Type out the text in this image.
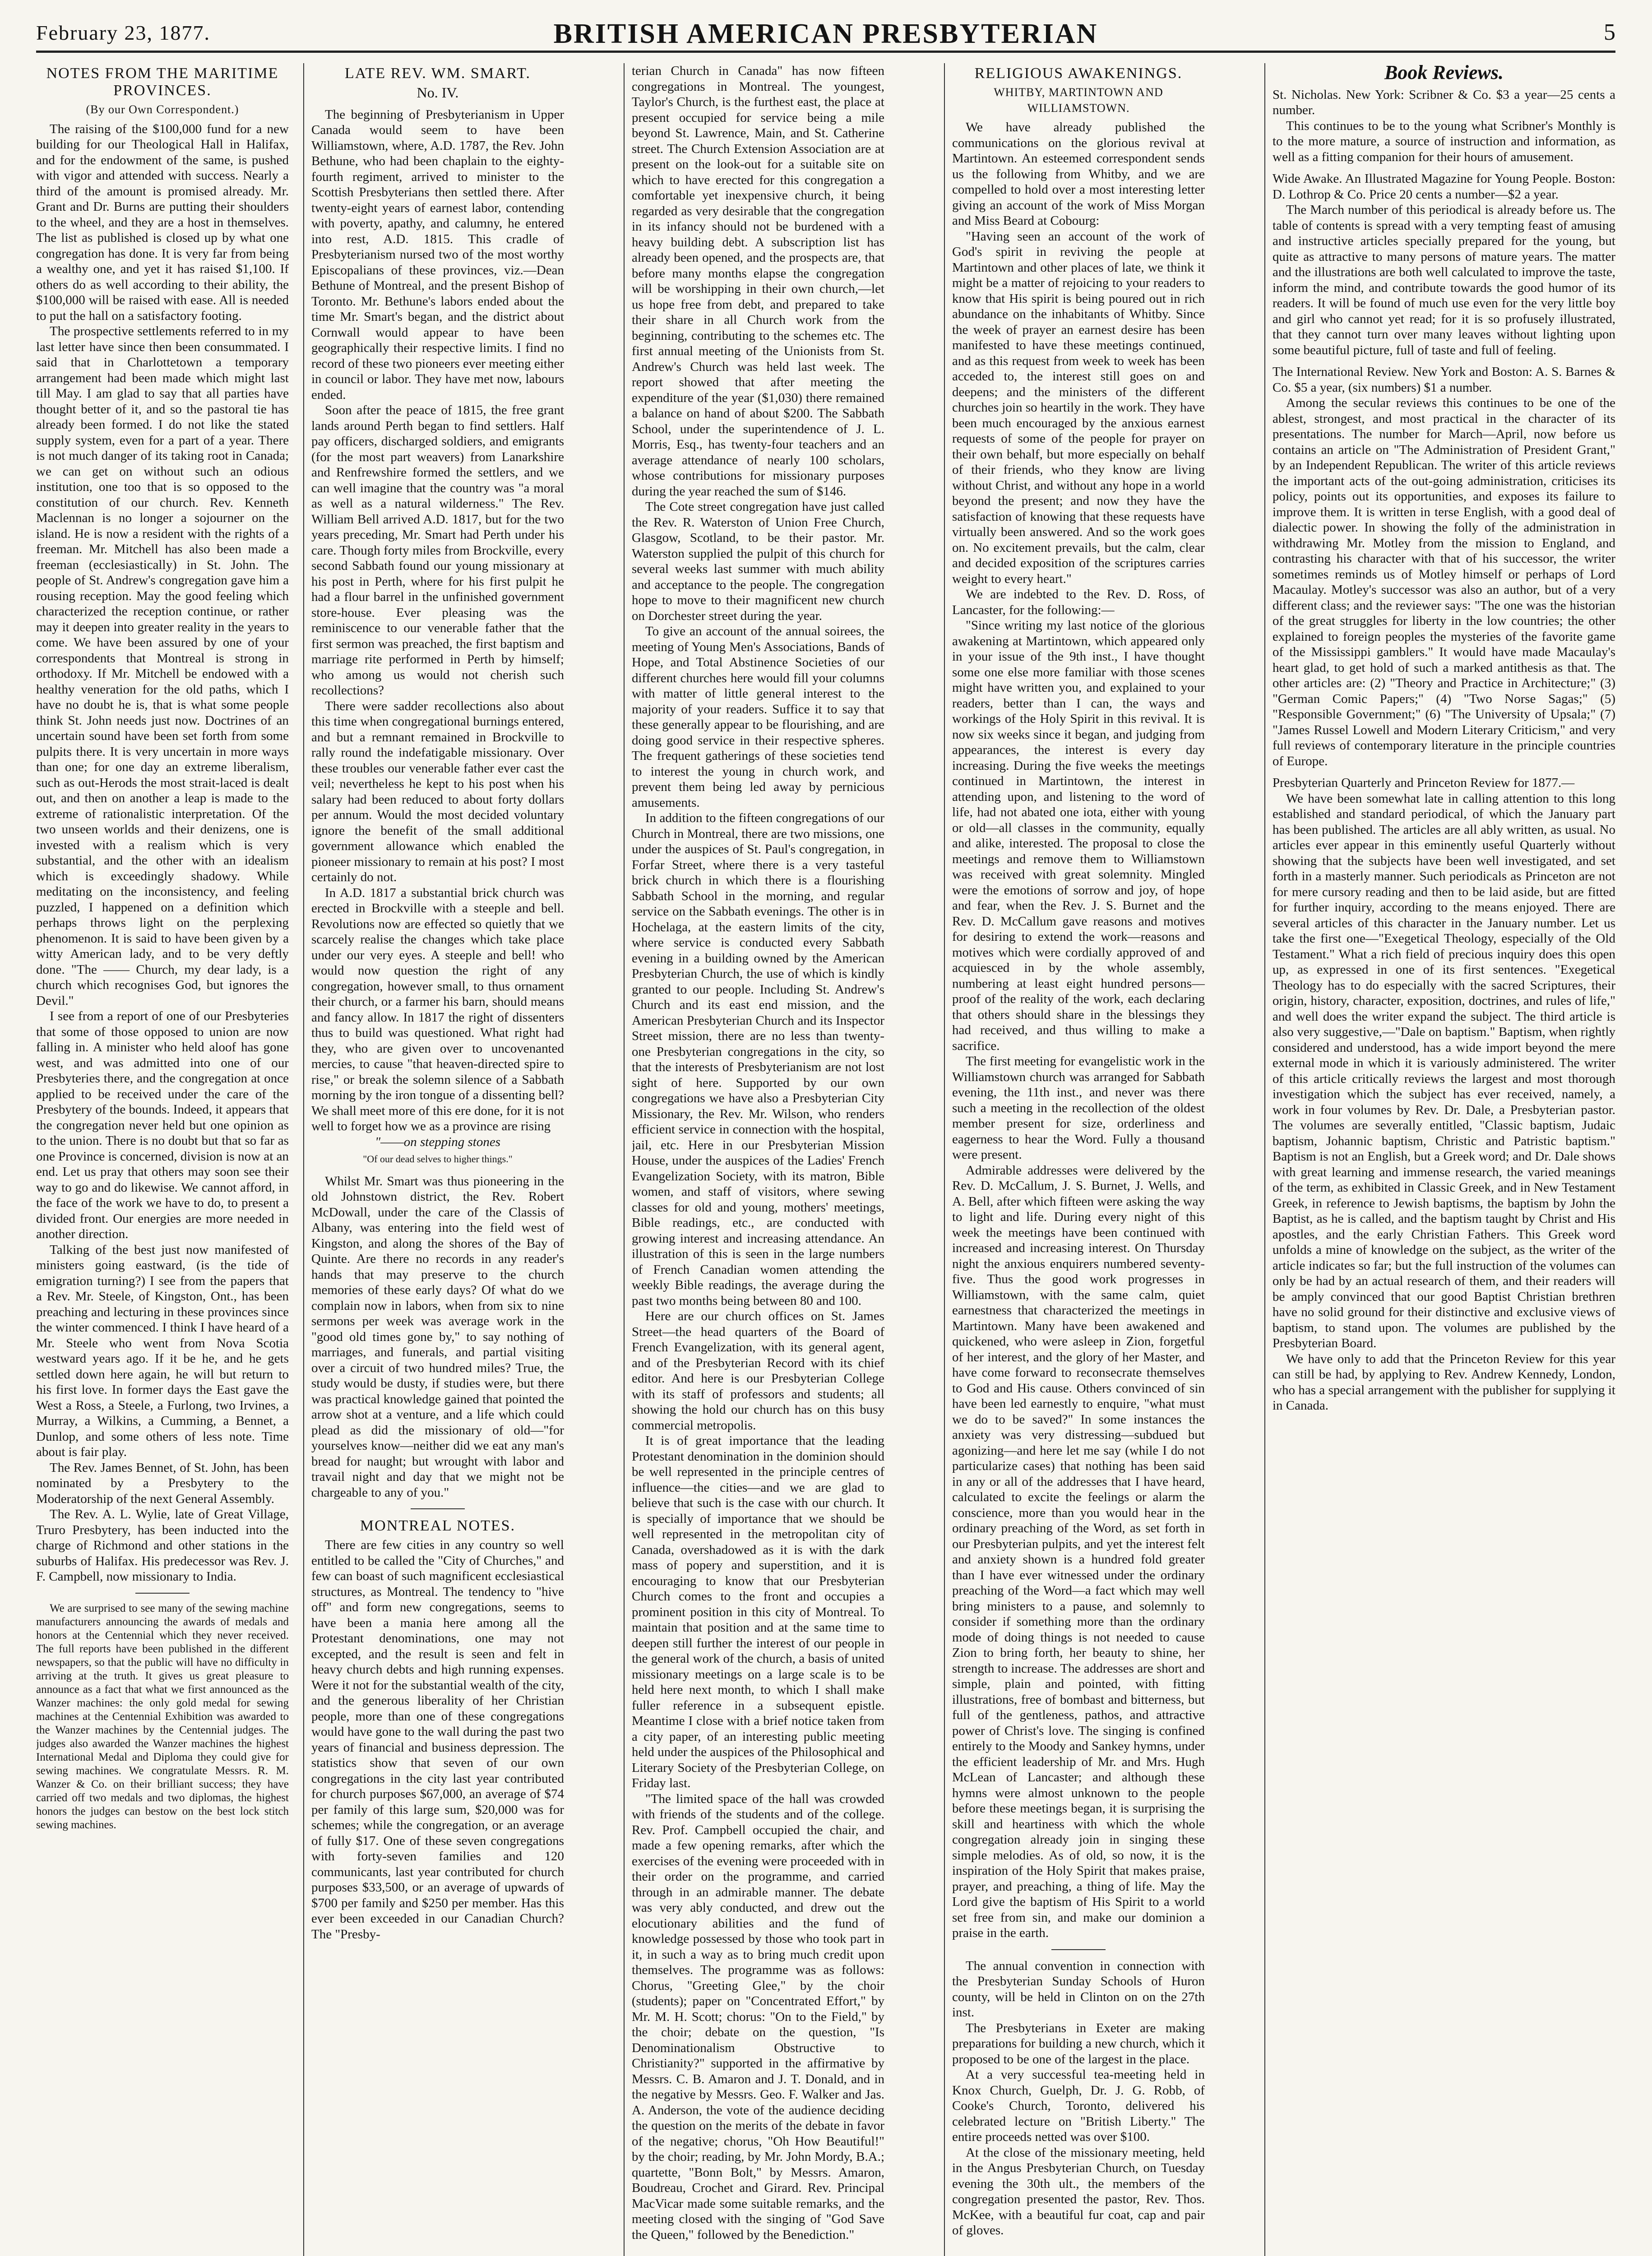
February 23, 1877.	BRITISH AMERICAN PRESBYTERIAN	5
NOTES FROM THE MARITIME PROVINCES.
(By our Own Correspondent.)

The raising of the $100,000 fund for a new building for our Theological Hall in Halifax, and for the endowment of the same, is pushed with vigor and attended with success. Nearly a third of the amount is promised already. Mr. Grant and Dr. Burns are putting their shoulders to the wheel, and they are a host in themselves. The list as published is closed up by what one congregation has done. It is very far from being a wealthy one, and yet it has raised $1,100. If others do as well according to their ability, the $100,000 will be raised with ease. All is needed to put the hall on a satisfactory footing.

The prospective settlements referred to in my last letter have since then been consummated. I said that in Charlottetown a temporary arrangement had been made which might last till May. I am glad to say that all parties have thought better of it, and so the pastoral tie has already been formed. I do not like the stated supply system, even for a part of a year. There is not much danger of its taking root in Canada; we can get on without such an odious institution, one too that is so opposed to the constitution of our church. Rev. Kenneth Maclennan is no longer a sojourner on the island. He is now a resident with the rights of a freeman. Mr. Mitchell has also been made a freeman (ecclesiastically) in St. John. The people of St. Andrew's congregation gave him a rousing reception. May the good feeling which characterized the reception continue, or rather may it deepen into greater reality in the years to come. We have been assured by one of your correspondents that Montreal is strong in orthodoxy. If Mr. Mitchell be endowed with a healthy veneration for the old paths, which I have no doubt he is, that is what some people think St. John needs just now. Doctrines of an uncertain sound have been set forth from some pulpits there. It is very uncertain in more ways than one; for one day an extreme liberalism, such as out-Herods the most strait-laced is dealt out, and then on another a leap is made to the extreme of rationalistic interpretation. Of the two unseen worlds and their denizens, one is invested with a realism which is very substantial, and the other with an idealism which is exceedingly shadowy. While meditating on the inconsistency, and feeling puzzled, I happened on a definition which perhaps throws light on the perplexing phenomenon. It is said to have been given by a witty American lady, and to be very deftly done. "The —— Church, my dear lady, is a church which recognises God, but ignores the Devil."

I see from a report of one of our Presbyteries that some of those opposed to union are now falling in. A minister who held aloof has gone west, and was admitted into one of our Presbyteries there, and the congregation at once applied to be received under the care of the Presbytery of the bounds. Indeed, it appears that the congregation never held but one opinion as to the union. There is no doubt but that so far as one Province is concerned, division is now at an end. Let us pray that others may soon see their way to go and do likewise. We cannot afford, in the face of the work we have to do, to present a divided front. Our energies are more needed in another direction.

Talking of the best just now manifested of ministers going eastward, (is the tide of emigration turning?) I see from the papers that a Rev. Mr. Steele, of Kingston, Ont., has been preaching and lecturing in these provinces since the winter commenced. I think I have heard of a Mr. Steele who went from Nova Scotia westward years ago. If it be he, and he gets settled down here again, he will but return to his first love. In former days the East gave the West a Ross, a Steele, a Furlong, two Irvines, a Murray, a Wilkins, a Cumming, a Bennet, a Dunlop, and some others of less note. Time about is fair play.

The Rev. James Bennet, of St. John, has been nominated by a Presbytery to the Moderatorship of the next General Assembly.

The Rev. A. L. Wylie, late of Great Village, Truro Presbytery, has been inducted into the charge of Richmond and other stations in the suburbs of Halifax. His predecessor was Rev. J. F. Campbell, now missionary to India.

We are surprised to see many of the sewing machine manufacturers announcing the awards of medals and honors at the Centennial which they never received. The full reports have been published in the different newspapers, so that the public will have no difficulty in arriving at the truth. It gives us great pleasure to announce as a fact that what we first announced as the Wanzer machines: the only gold medal for sewing machines at the Centennial Exhibition was awarded to the Wanzer machines by the Centennial judges. The judges also awarded the Wanzer machines the highest International Medal and Diploma they could give for sewing machines. We congratulate Messrs. R. M. Wanzer & Co. on their brilliant success; they have carried off two medals and two diplomas, the highest honors the judges can bestow on the best lock stitch sewing machines.

LATE REV. WM. SMART.
No. IV.

The beginning of Presbyterianism in Upper Canada would seem to have been Williamstown, where, A.D. 1787, the Rev. John Bethune, who had been chaplain to the eighty-fourth regiment, arrived to minister to the Scottish Presbyterians then settled there. After twenty-eight years of earnest labor, contending with poverty, apathy, and calumny, he entered into rest, A.D. 1815. This cradle of Presbyterianism nursed two of the most worthy Episcopalians of these provinces, viz.—Dean Bethune of Montreal, and the present Bishop of Toronto. Mr. Bethune's labors ended about the time Mr. Smart's began, and the district about Cornwall would appear to have been geographically their respective limits. I find no record of these two pioneers ever meeting either in council or labor. They have met now, labours ended.

Soon after the peace of 1815, the free grant lands around Perth began to find settlers. Half pay officers, discharged soldiers, and emigrants (for the most part weavers) from Lanarkshire and Renfrewshire formed the settlers, and we can well imagine that the country was "a moral as well as a natural wilderness." The Rev. William Bell arrived A.D. 1817, but for the two years preceding, Mr. Smart had Perth under his care. Though forty miles from Brockville, every second Sabbath found our young missionary at his post in Perth, where for his first pulpit he had a flour barrel in the unfinished government store-house. Ever pleasing was the reminiscence to our venerable father that the first sermon was preached, the first baptism and marriage rite performed in Perth by himself; who among us would not cherish such recollections?

There were sadder recollections also about this time when congregational burnings entered, and but a remnant remained in Brockville to rally round the indefatigable missionary. Over these troubles our venerable father ever cast the veil; nevertheless he kept to his post when his salary had been reduced to about forty dollars per annum. Would the most decided voluntary ignore the benefit of the small additional government allowance which enabled the pioneer missionary to remain at his post? I most certainly do not.

In A.D. 1817 a substantial brick church was erected in Brockville with a steeple and bell. Revolutions now are effected so quietly that we scarcely realise the changes which take place under our very eyes. A steeple and bell! who would now question the right of any congregation, however small, to thus ornament their church, or a farmer his barn, should means and fancy allow. In 1817 the right of dissenters thus to build was questioned. What right had they, who are given over to uncovenanted mercies, to cause "that heaven-directed spire to rise," or break the solemn silence of a Sabbath morning by the iron tongue of a dissenting bell? We shall meet more of this ere done, for it is not well to forget how we as a province are rising

"——on stepping stones

"Of our dead selves to higher things."

Whilst Mr. Smart was thus pioneering in the old Johnstown district, the Rev. Robert McDowall, under the care of the Classis of Albany, was entering into the field west of Kingston, and along the shores of the Bay of Quinte. Are there no records in any reader's hands that may preserve to the church memories of these early days? Of what do we complain now in labors, when from six to nine sermons per week was average work in the "good old times gone by," to say nothing of marriages, and funerals, and partial visiting over a circuit of two hundred miles? True, the study would be dusty, if studies were, but there was practical knowledge gained that pointed the arrow shot at a venture, and a life which could plead as did the missionary of old—"for yourselves know—neither did we eat any man's bread for naught; but wrought with labor and travail night and day that we might not be chargeable to any of you."

MONTREAL NOTES.

There are few cities in any country so well entitled to be called the "City of Churches," and few can boast of such magnificent ecclesiastical structures, as Montreal. The tendency to "hive off" and form new congregations, seems to have been a mania here among all the Protestant denominations, one may not excepted, and the result is seen and felt in heavy church debts and high running expenses. Were it not for the substantial wealth of the city, and the generous liberality of her Christian people, more than one of these congregations would have gone to the wall during the past two years of financial and business depression. The statistics show that seven of our own congregations in the city last year contributed for church purposes $67,000, an average of $74 per family of this large sum, $20,000 was for schemes; while the congregation, or an average of fully $17. One of these seven congregations with forty-seven families and 120 communicants, last year contributed for church purposes $33,500, or an average of upwards of $700 per family and $250 per member. Has this ever been exceeded in our Canadian Church? The "Presby-

terian Church in Canada" has now fifteen congregations in Montreal. The youngest, Taylor's Church, is the furthest east, the place at present occupied for service being a mile beyond St. Lawrence, Main, and St. Catherine street. The Church Extension Association are at present on the look-out for a suitable site on which to have erected for this congregation a comfortable yet inexpensive church, it being regarded as very desirable that the congregation in its infancy should not be burdened with a heavy building debt. A subscription list has already been opened, and the prospects are, that before many months elapse the congregation will be worshipping in their own church,—let us hope free from debt, and prepared to take their share in all Church work from the beginning, contributing to the schemes etc. The first annual meeting of the Unionists from St. Andrew's Church was held last week. The report showed that after meeting the expenditure of the year ($1,030) there remained a balance on hand of about $200. The Sabbath School, under the superintendence of J. L. Morris, Esq., has twenty-four teachers and an average attendance of nearly 100 scholars, whose contributions for missionary purposes during the year reached the sum of $146.

The Cote street congregation have just called the Rev. R. Waterston of Union Free Church, Glasgow, Scotland, to be their pastor. Mr. Waterston supplied the pulpit of this church for several weeks last summer with much ability and acceptance to the people. The congregation hope to move to their magnificent new church on Dorchester street during the year.

To give an account of the annual soirees, the meeting of Young Men's Associations, Bands of Hope, and Total Abstinence Societies of our different churches here would fill your columns with matter of little general interest to the majority of your readers. Suffice it to say that these generally appear to be flourishing, and are doing good service in their respective spheres. The frequent gatherings of these societies tend to interest the young in church work, and prevent them being led away by pernicious amusements.

In addition to the fifteen congregations of our Church in Montreal, there are two missions, one under the auspices of St. Paul's congregation, in Forfar Street, where there is a very tasteful brick church in which there is a flourishing Sabbath School in the morning, and regular service on the Sabbath evenings. The other is in Hochelaga, at the eastern limits of the city, where service is conducted every Sabbath evening in a building owned by the American Presbyterian Church, the use of which is kindly granted to our people. Including St. Andrew's Church and its east end mission, and the American Presbyterian Church and its Inspector Street mission, there are no less than twenty-one Presbyterian congregations in the city, so that the interests of Presbyterianism are not lost sight of here. Supported by our own congregations we have also a Presbyterian City Missionary, the Rev. Mr. Wilson, who renders efficient service in connection with the hospital, jail, etc. Here in our Presbyterian Mission House, under the auspices of the Ladies' French Evangelization Society, with its matron, Bible women, and staff of visitors, where sewing classes for old and young, mothers' meetings, Bible readings, etc., are conducted with growing interest and increasing attendance. An illustration of this is seen in the large numbers of French Canadian women attending the weekly Bible readings, the average during the past two months being between 80 and 100.

Here are our church offices on St. James Street—the head quarters of the Board of French Evangelization, with its general agent, and of the Presbyterian Record with its chief editor. And here is our Presbyterian College with its staff of professors and students; all showing the hold our church has on this busy commercial metropolis.

It is of great importance that the leading Protestant denomination in the dominion should be well represented in the principle centres of influence—the cities—and we are glad to believe that such is the case with our church. It is specially of importance that we should be well represented in the metropolitan city of Canada, overshadowed as it is with the dark mass of popery and superstition, and it is encouraging to know that our Presbyterian Church comes to the front and occupies a prominent position in this city of Montreal. To maintain that position and at the same time to deepen still further the interest of our people in the general work of the church, a basis of united missionary meetings on a large scale is to be held here next month, to which I shall make fuller reference in a subsequent epistle. Meantime I close with a brief notice taken from a city paper, of an interesting public meeting held under the auspices of the Philosophical and Literary Society of the Presbyterian College, on Friday last.

"The limited space of the hall was crowded with friends of the students and of the college. Rev. Prof. Campbell occupied the chair, and made a few opening remarks, after which the exercises of the evening were proceeded with in their order on the programme, and carried through in an admirable manner. The debate was very ably conducted, and drew out the elocutionary abilities and the fund of knowledge possessed by those who took part in it, in such a way as to bring much credit upon themselves. The programme was as follows: Chorus, "Greeting Glee," by the choir (students); paper on "Concentrated Effort," by Mr. M. H. Scott; chorus: "On to the Field," by the choir; debate on the question, "Is Denominationalism Obstructive to Christianity?" supported in the affirmative by Messrs. C. B. Amaron and J. T. Donald, and in the negative by Messrs. Geo. F. Walker and Jas. A. Anderson, the vote of the audience deciding the question on the merits of the debate in favor of the negative; chorus, "Oh How Beautiful!" by the choir; reading, by Mr. John Mordy, B.A.; quartette, "Bonn Bolt," by Messrs. Amaron, Boudreau, Crochet and Girard. Rev. Principal MacVicar made some suitable remarks, and the meeting closed with the singing of "God Save the Queen," followed by the Benediction."

RELIGIOUS AWAKENINGS.
WHITBY, MARTINTOWN AND WILLIAMSTOWN.

We have already published the communications on the glorious revival at Martintown. An esteemed correspondent sends us the following from Whitby, and we are compelled to hold over a most interesting letter giving an account of the work of Miss Morgan and Miss Beard at Cobourg:

"Having seen an account of the work of God's spirit in reviving the people at Martintown and other places of late, we think it might be a matter of rejoicing to your readers to know that His spirit is being poured out in rich abundance on the inhabitants of Whitby. Since the week of prayer an earnest desire has been manifested to have these meetings continued, and as this request from week to week has been acceded to, the interest still goes on and deepens; and the ministers of the different churches join so heartily in the work. They have been much encouraged by the anxious earnest requests of some of the people for prayer on their own behalf, but more especially on behalf of their friends, who they know are living without Christ, and without any hope in a world beyond the present; and now they have the satisfaction of knowing that these requests have virtually been answered. And so the work goes on. No excitement prevails, but the calm, clear and decided exposition of the scriptures carries weight to every heart."

We are indebted to the Rev. D. Ross, of Lancaster, for the following:—

"Since writing my last notice of the glorious awakening at Martintown, which appeared only in your issue of the 9th inst., I have thought some one else more familiar with those scenes might have written you, and explained to your readers, better than I can, the ways and workings of the Holy Spirit in this revival. It is now six weeks since it began, and judging from appearances, the interest is every day increasing. During the five weeks the meetings continued in Martintown, the interest in attending upon, and listening to the word of life, had not abated one iota, either with young or old—all classes in the community, equally and alike, interested. The proposal to close the meetings and remove them to Williamstown was received with great solemnity. Mingled were the emotions of sorrow and joy, of hope and fear, when the Rev. J. S. Burnet and the Rev. D. McCallum gave reasons and motives for desiring to extend the work—reasons and motives which were cordially approved of and acquiesced in by the whole assembly, numbering at least eight hundred persons—proof of the reality of the work, each declaring that others should share in the blessings they had received, and thus willing to make a sacrifice.

The first meeting for evangelistic work in the Williamstown church was arranged for Sabbath evening, the 11th inst., and never was there such a meeting in the recollection of the oldest member present for size, orderliness and eagerness to hear the Word. Fully a thousand were present.

Admirable addresses were delivered by the Rev. D. McCallum, J. S. Burnet, J. Wells, and A. Bell, after which fifteen were asking the way to light and life. During every night of this week the meetings have been continued with increased and increasing interest. On Thursday night the anxious enquirers numbered seventy-five. Thus the good work progresses in Williamstown, with the same calm, quiet earnestness that characterized the meetings in Martintown. Many have been awakened and quickened, who were asleep in Zion, forgetful of her interest, and the glory of her Master, and have come forward to reconsecrate themselves to God and His cause. Others convinced of sin have been led earnestly to enquire, "what must we do to be saved?" In some instances the anxiety was very distressing—subdued but agonizing—and here let me say (while I do not particularize cases) that nothing has been said in any or all of the addresses that I have heard, calculated to excite the feelings or alarm the conscience, more than you would hear in the ordinary preaching of the Word, as set forth in our Presbyterian pulpits, and yet the interest felt and anxiety shown is a hundred fold greater than I have ever witnessed under the ordinary preaching of the Word—a fact which may well bring ministers to a pause, and solemnly to consider if something more than the ordinary mode of doing things is not needed to cause Zion to bring forth, her beauty to shine, her strength to increase. The addresses are short and simple, plain and pointed, with fitting illustrations, free of bombast and bitterness, but full of the gentleness, pathos, and attractive power of Christ's love. The singing is confined entirely to the Moody and Sankey hymns, under the efficient leadership of Mr. and Mrs. Hugh McLean of Lancaster; and although these hymns were almost unknown to the people before these meetings began, it is surprising the skill and heartiness with which the whole congregation already join in singing these simple melodies. As of old, so now, it is the inspiration of the Holy Spirit that makes praise, prayer, and preaching, a thing of life. May the Lord give the baptism of His Spirit to a world set free from sin, and make our dominion a praise in the earth.

The annual convention in connection with the Presbyterian Sunday Schools of Huron county, will be held in Clinton on on the 27th inst.

The Presbyterians in Exeter are making preparations for building a new church, which it proposed to be one of the largest in the place.

At a very successful tea-meeting held in Knox Church, Guelph, Dr. J. G. Robb, of Cooke's Church, Toronto, delivered his celebrated lecture on "British Liberty." The entire proceeds netted was over $100.

At the close of the missionary meeting, held in the Angus Presbyterian Church, on Tuesday evening the 30th ult., the members of the congregation presented the pastor, Rev. Thos. McKee, with a beautiful fur coat, cap and pair of gloves.

Book Reviews.

St. Nicholas. New York: Scribner & Co. $3 a year—25 cents a number.

This continues to be to the young what Scribner's Monthly is to the more mature, a source of instruction and information, as well as a fitting companion for their hours of amusement.

Wide Awake. An Illustrated Magazine for Young People. Boston: D. Lothrop & Co. Price 20 cents a number—$2 a year.

The March number of this periodical is already before us. The table of contents is spread with a very tempting feast of amusing and instructive articles specially prepared for the young, but quite as attractive to many persons of mature years. The matter and the illustrations are both well calculated to improve the taste, inform the mind, and contribute towards the good humor of its readers. It will be found of much use even for the very little boy and girl who cannot yet read; for it is so profusely illustrated, that they cannot turn over many leaves without lighting upon some beautiful picture, full of taste and full of feeling.

The International Review. New York and Boston: A. S. Barnes & Co. $5 a year, (six numbers) $1 a number.

Among the secular reviews this continues to be one of the ablest, strongest, and most practical in the character of its presentations. The number for March—April, now before us contains an article on "The Administration of President Grant," by an Independent Republican. The writer of this article reviews the important acts of the out-going administration, criticises its policy, points out its opportunities, and exposes its failure to improve them. It is written in terse English, with a good deal of dialectic power. In showing the folly of the administration in withdrawing Mr. Motley from the mission to England, and contrasting his character with that of his successor, the writer sometimes reminds us of Motley himself or perhaps of Lord Macaulay. Motley's successor was also an author, but of a very different class; and the reviewer says: "The one was the historian of the great struggles for liberty in the low countries; the other explained to foreign peoples the mysteries of the favorite game of the Mississippi gamblers." It would have made Macaulay's heart glad, to get hold of such a marked antithesis as that. The other articles are: (2) "Theory and Practice in Architecture;" (3) "German Comic Papers;" (4) "Two Norse Sagas;" (5) "Responsible Government;" (6) "The University of Upsala;" (7) "James Russel Lowell and Modern Literary Criticism," and very full reviews of contemporary literature in the principle countries of Europe.

Presbyterian Quarterly and Princeton Review for 1877.—

We have been somewhat late in calling attention to this long established and standard periodical, of which the January part has been published. The articles are all ably written, as usual. No articles ever appear in this eminently useful Quarterly without showing that the subjects have been well investigated, and set forth in a masterly manner. Such periodicals as Princeton are not for mere cursory reading and then to be laid aside, but are fitted for further inquiry, according to the means enjoyed. There are several articles of this character in the January number. Let us take the first one—"Exegetical Theology, especially of the Old Testament." What a rich field of precious inquiry does this open up, as expressed in one of its first sentences. "Exegetical Theology has to do especially with the sacred Scriptures, their origin, history, character, exposition, doctrines, and rules of life," and well does the writer expand the subject. The third article is also very suggestive,—"Dale on baptism." Baptism, when rightly considered and understood, has a wide import beyond the mere external mode in which it is variously administered. The writer of this article critically reviews the largest and most thorough investigation which the subject has ever received, namely, a work in four volumes by Rev. Dr. Dale, a Presbyterian pastor. The volumes are severally entitled, "Classic baptism, Judaic baptism, Johannic baptism, Christic and Patristic baptism." Baptism is not an English, but a Greek word; and Dr. Dale shows with great learning and immense research, the varied meanings of the term, as exhibited in Classic Greek, and in New Testament Greek, in reference to Jewish baptisms, the baptism by John the Baptist, as he is called, and the baptism taught by Christ and His apostles, and the early Christian Fathers. This Greek word unfolds a mine of knowledge on the subject, as the writer of the article indicates so far; but the full instruction of the volumes can only be had by an actual research of them, and their readers will be amply convinced that our good Baptist Christian brethren have no solid ground for their distinctive and exclusive views of baptism, to stand upon. The volumes are published by the Presbyterian Board.

We have only to add that the Princeton Review for this year can still be had, by applying to Rev. Andrew Kennedy, London, who has a special arrangement with the publisher for supplying it in Canada.
